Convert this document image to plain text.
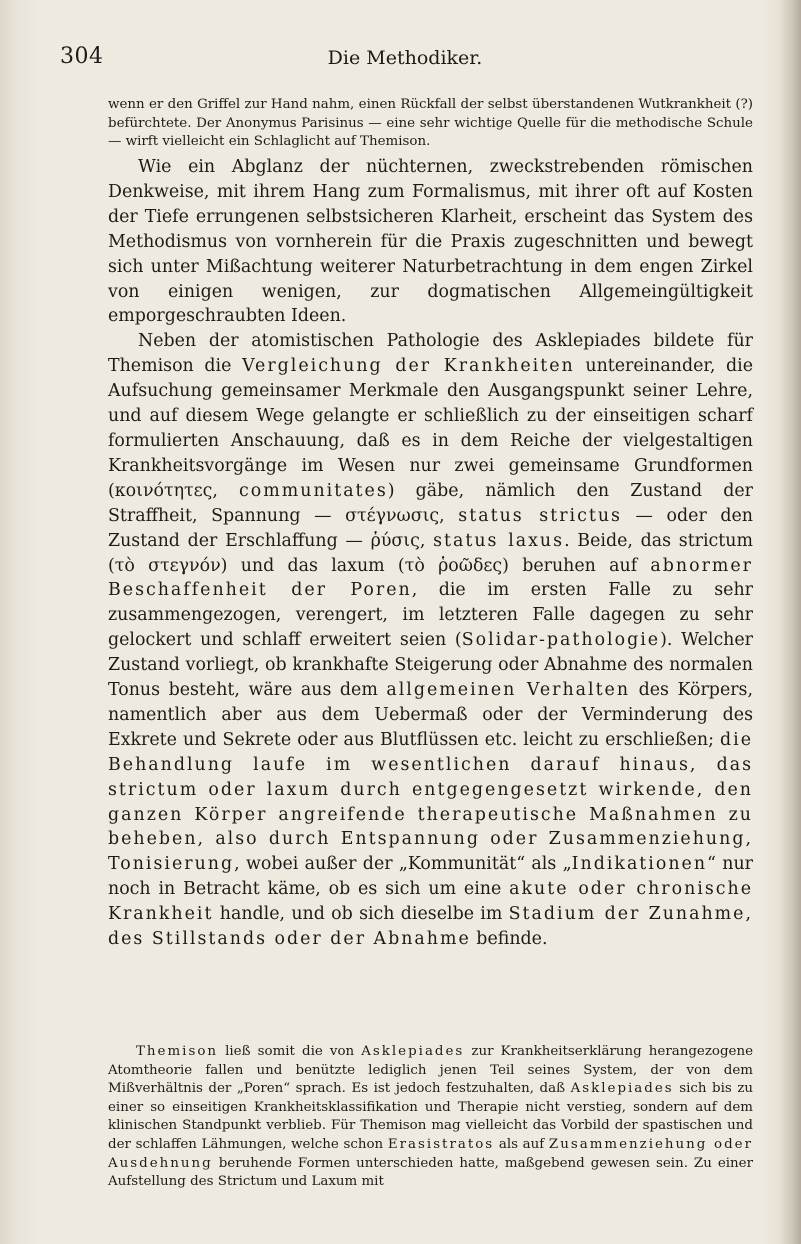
304	Die Methodiker.
wenn er den Griffel zur Hand nahm, einen Rückfall der selbst überstandenen Wutkrankheit (?) befürchtete. Der Anonymus Parisinus — eine sehr wichtige Quelle für die methodische Schule — wirft vielleicht ein Schlaglicht auf Themison.

Wie ein Abglanz der nüchternen, zweckstrebenden römischen Denkweise, mit ihrem Hang zum Formalismus, mit ihrer oft auf Kosten der Tiefe errungenen selbstsicheren Klarheit, erscheint das System des Methodismus von vornherein für die Praxis zugeschnitten und bewegt sich unter Mißachtung weiterer Naturbetrachtung in dem engen Zirkel von einigen wenigen, zur dogmatischen Allgemeingültigkeit emporgeschraubten Ideen.

Neben der atomistischen Pathologie des Asklepiades bildete für Themison die Vergleichung der Krankheiten untereinander, die Aufsuchung gemeinsamer Merkmale den Ausgangspunkt seiner Lehre, und auf diesem Wege gelangte er schließlich zu der einseitigen scharf formulierten Anschauung, daß es in dem Reiche der vielgestaltigen Krankheitsvorgänge im Wesen nur zwei gemeinsame Grundformen (κοινότητες, communitates) gäbe, nämlich den Zustand der Straffheit, Spannung — στέγνωσις, status strictus — oder den Zustand der Erschlaffung — ῥύσις, status laxus. Beide, das strictum (τὸ στεγνόν) und das laxum (τὸ ῥοῶδες) beruhen auf abnormer Beschaffenheit der Poren, die im ersten Falle zu sehr zusammengezogen, verengert, im letzteren Falle dagegen zu sehr gelockert und schlaff erweitert seien (Solidar-pathologie). Welcher Zustand vorliegt, ob krankhafte Steigerung oder Abnahme des normalen Tonus besteht, wäre aus dem allgemeinen Verhalten des Körpers, namentlich aber aus dem Uebermaß oder der Verminderung des Exkrete und Sekrete oder aus Blutflüssen etc. leicht zu erschließen; die Behandlung laufe im wesentlichen darauf hinaus, das strictum oder laxum durch entgegengesetzt wirkende, den ganzen Körper angreifende therapeutische Maßnahmen zu beheben, also durch Entspannung oder Zusammenziehung, Tonisierung, wobei außer der „Kommunität“ als „Indikationen“ nur noch in Betracht käme, ob es sich um eine akute oder chronische Krankheit handle, und ob sich dieselbe im Stadium der Zunahme, des Stillstands oder der Abnahme befinde.

Themison ließ somit die von Asklepiades zur Krankheitserklärung herangezogene Atomtheorie fallen und benützte lediglich jenen Teil seines System, der von dem Mißverhältnis der „Poren“ sprach. Es ist jedoch festzuhalten, daß Asklepiades sich bis zu einer so einseitigen Krankheitsklassifikation und Therapie nicht verstieg, sondern auf dem klinischen Standpunkt verblieb. Für Themison mag vielleicht das Vorbild der spastischen und der schlaffen Lähmungen, welche schon Erasistratos als auf Zusammenziehung oder Ausdehnung beruhende Formen unterschieden hatte, maßgebend gewesen sein. Zu einer Aufstellung des Strictum und Laxum mit
